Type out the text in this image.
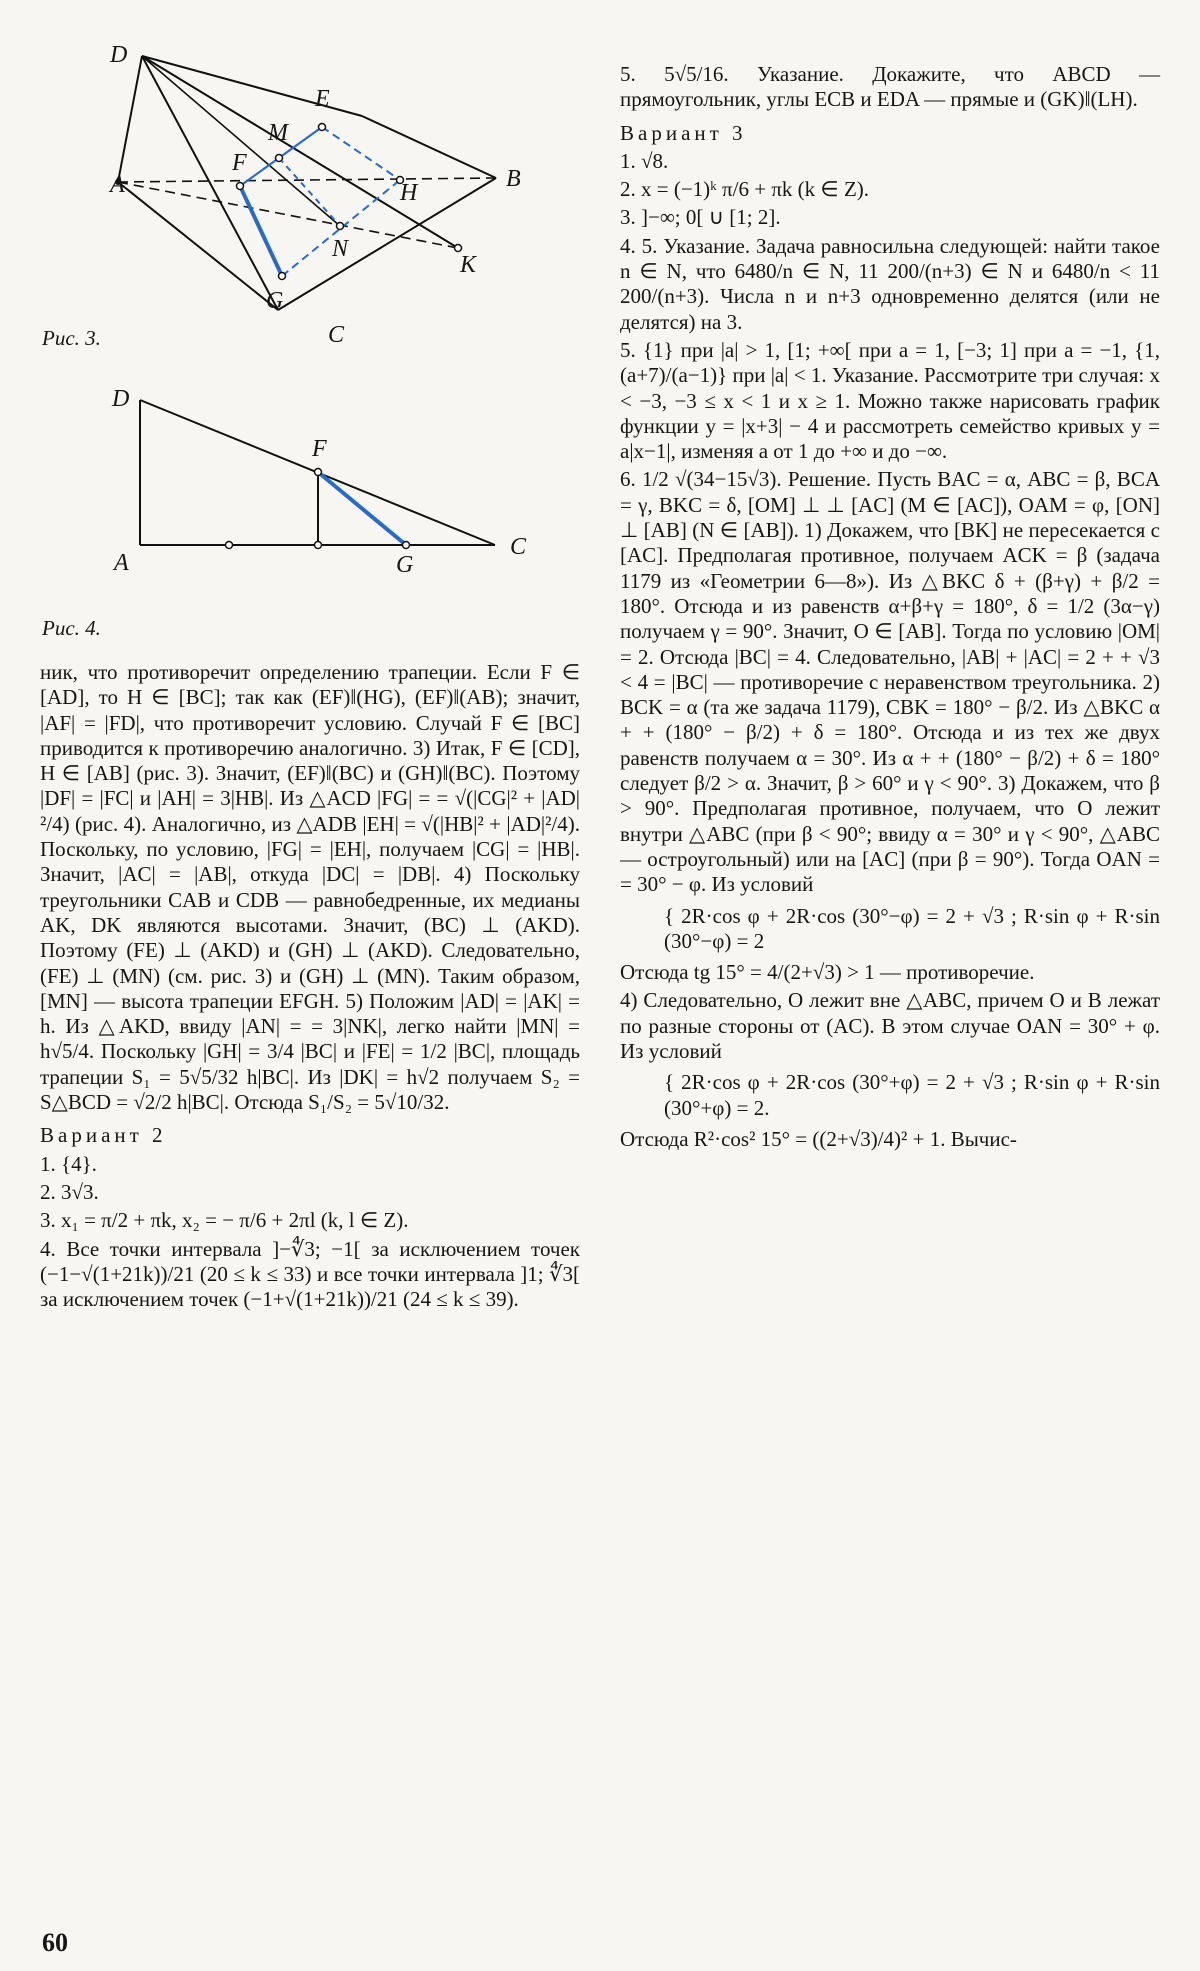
D
E
M
F
A	H
B
N
K
G
C
Рис. 3.
D
F
A	G
C
Рис. 4.

ник, что противоречит определению трапеции. Если F ∈ [AD], то H ∈ [BC]; так как (EF)‖(HG), (EF)‖(AB); значит, |AF| = |FD|, что противоречит условию. Случай F ∈ [BC] приводится к противоречию аналогично. 3) Итак, F ∈ [CD], H ∈ [AB] (рис. 3). Значит, (EF)‖(BC) и (GH)‖(BC). Поэтому |DF| = |FC| и |AH| = 3|HB|. Из △ACD |FG| = = √(|CG|² + |AD|²/4) (рис. 4). Аналогично, из △ADB |EH| = √(|HB|² + |AD|²/4). Поскольку, по условию, |FG| = |EH|, получаем |CG| = |HB|. Значит, |AC| = |AB|, откуда |DC| = |DB|. 4) Поскольку треугольники CAB и CDB — равнобедренные, их медианы AK, DK являются высотами. Значит, (BC) ⊥ (AKD). Поэтому (FE) ⊥ (AKD) и (GH) ⊥ (AKD). Следовательно, (FE) ⊥ (MN) (см. рис. 3) и (GH) ⊥ (MN). Таким образом, [MN] — высота трапеции EFGH. 5) Положим |AD| = |AK| = h. Из △AKD, ввиду |AN| = = 3|NK|, легко найти |MN| = h√5/4. Поскольку |GH| = 3/4 |BC| и |FE| = 1/2 |BC|, площадь трапеции S₁ = 5√5/32 h|BC|. Из |DK| = h√2 получаем S₂ = S△BCD = √2/2 h|BC|. Отсюда S₁/S₂ = 5√10/32.

Вариант 2

1. {4}.

2. 3√3.

3. x₁ = π/2 + πk, x₂ = − π/6 + 2πl (k, l ∈ Z).

4. Все точки интервала ]−∜3; −1[ за исключением точек (−1−√(1+21k))/21 (20 ≤ k ≤ 33) и все точки интервала ]1; ∜3[ за исключением точек (−1+√(1+21k))/21 (24 ≤ k ≤ 39).

5. 5√5/16. Указание. Докажите, что ABCD — прямоугольник, углы ECB и EDA — прямые и (GK)‖(LH).

Вариант 3

1. √8.

2. x = (−1)ᵏ π/6 + πk (k ∈ Z).

3. ]−∞; 0[ ∪ [1; 2].

4. 5. Указание. Задача равносильна следующей: найти такое n ∈ N, что 6480/n ∈ N, 11 200/(n+3) ∈ N и 6480/n < 11 200/(n+3). Числа n и n+3 одновременно делятся (или не делятся) на 3.

5. {1} при |a| > 1, [1; +∞[ при a = 1, [−3; 1] при a = −1, {1, (a+7)/(a−1)} при |a| < 1. Указание. Рассмотрите три случая: x < −3, −3 ≤ x < 1 и x ≥ 1. Можно также нарисовать график функции y = |x+3| − 4 и рассмотреть семейство кривых y = a|x−1|, изменяя a от 1 до +∞ и до −∞.

6. 1/2 √(34−15√3). Решение. Пусть BAC = α, ABC = β, BCA = γ, BKC = δ, [OM] ⊥ ⊥ [AC] (M ∈ [AC]), OAM = φ, [ON] ⊥ [AB] (N ∈ [AB]). 1) Докажем, что [BK] не пересекается с [AC]. Предполагая противное, получаем ACK = β (задача 1179 из «Геометрии 6—8»). Из △BKC δ + (β+γ) + β/2 = 180°. Отсюда и из равенств α+β+γ = 180°, δ = 1/2 (3α−γ) получаем γ = 90°. Значит, O ∈ [AB]. Тогда по условию |OM| = 2. Отсюда |BC| = 4. Следовательно, |AB| + |AC| = 2 + + √3 < 4 = |BC| — противоречие с неравенством треугольника. 2) BCK = α (та же задача 1179), CBK = 180° − β/2. Из △BKC α + + (180° − β/2) + δ = 180°. Отсюда и из тех же двух равенств получаем α = 30°. Из α + + (180° − β/2) + δ = 180° следует β/2 > α. Значит, β > 60° и γ < 90°. 3) Докажем, что β > 90°. Предполагая противное, получаем, что O лежит внутри △ABC (при β < 90°; ввиду α = 30° и γ < 90°, △ABC — остроугольный) или на [AC] (при β = 90°). Тогда OAN = = 30° − φ. Из условий

{ 2R·cos φ + 2R·cos (30°−φ) = 2 + √3 ; R·sin φ + R·sin (30°−φ) = 2

Отсюда tg 15° = 4/(2+√3) > 1 — противоречие.

4) Следовательно, O лежит вне △ABC, причем O и B лежат по разные стороны от (AC). В этом случае OAN = 30° + φ. Из условий

{ 2R·cos φ + 2R·cos (30°+φ) = 2 + √3 ; R·sin φ + R·sin (30°+φ) = 2.

Отсюда R²·cos² 15° = ((2+√3)/4)² + 1. Вычис-

60
